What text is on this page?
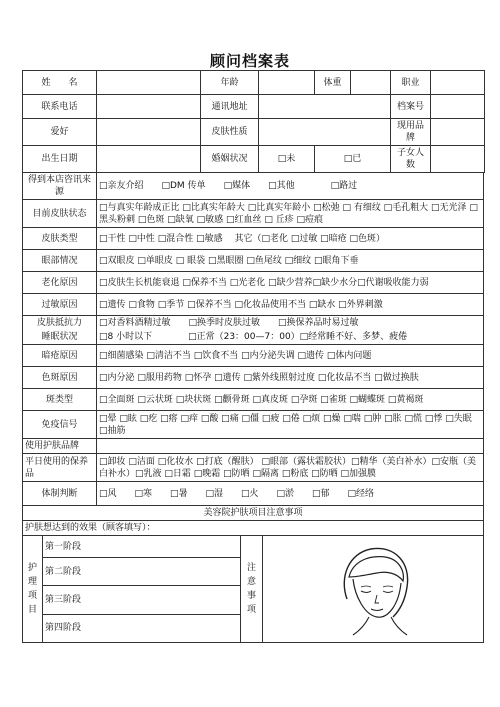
顾问档案表
姓　　名		年龄		体重		职业	
联系电话		通讯地址				档案号	
爱好		皮肤性质				现用品牌	
出生日期		婚姻状况	□未	□已		子女人数	
得到本店咨讯来源	□亲友介绍　　□DM 传单　　□媒体　　□其他　　　　□路过
目前皮肤状态	□与真实年龄成正比 □比真实年龄大 □比真实年龄小 □松弛 □ 有细纹 □毛孔粗大 □无光泽 □黑头粉刺 □色斑 □缺氧 □敏感 □红血丝 □ 丘疹 □痘痕
皮肤类型	□干性 □中性 □混合性 □敏感　 其它（□老化 □过敏 □暗疮 □色斑）
眼部情况	□双眼皮 □单眼皮 □ 眼袋 □黑眼圈 □鱼尾纹 □细纹 □眼角下垂
老化原因	□皮肤生长机能衰退 □保养不当 □光老化 □缺少营养□缺少水分□代谢吸收能力弱
过敏原因	□遗传 □食物 □季节 □保养不当 □化妆品使用不当 □缺水 □外界刺激
皮肤抵抗力	□对香料酒精过敏　　□换季时皮肤过敏　　□换保养品时易过敏
睡眠状况	□8 小时以下　　　　□正常（23：00—7：00）□经常睡不好、多梦、疲倦
暗疮原因	□细菌感染 □清洁不当 □饮食不当 □内分泌失调 □遗传 □体内问题
色斑原因	□内分泌 □服用药物 □怀孕 □遗传 □紫外线照射过度 □化妆品不当 □做过换肤
斑类型	□全面斑 □云状斑 □块状斑 □颧骨斑 □真皮斑 □孕斑 □雀斑 □蝴蝶斑 □黄褐斑
免疫信号	□晕 □眩 □疙 □瘩 □痒 □酸 □痛 □僵 □疲 □倦 □烦 □燥 □喘 □肿 □胀 □慌 □悸 □失眠 □抽筋
使用护肤品牌	
平日使用的保养品	□卸妆 □洁面 □化妆水 □打底（醒肤） □眼部（露状霜胶状）□精华（美白补水）□安瓶（美白补水）□乳液 □日霜 □晚霜 □防晒 □隔离 □粉底 □防晒 □加强膜
体制判断	□风　　□寒　　□暑　　□湿　　□火　　□淤　　□郁　　□经络
美容院护肤项目注意事项
护肤想达到的效果（顾客填写）：
护理项目	第一阶段	注意事项	
第二阶段
第三阶段
第四阶段
